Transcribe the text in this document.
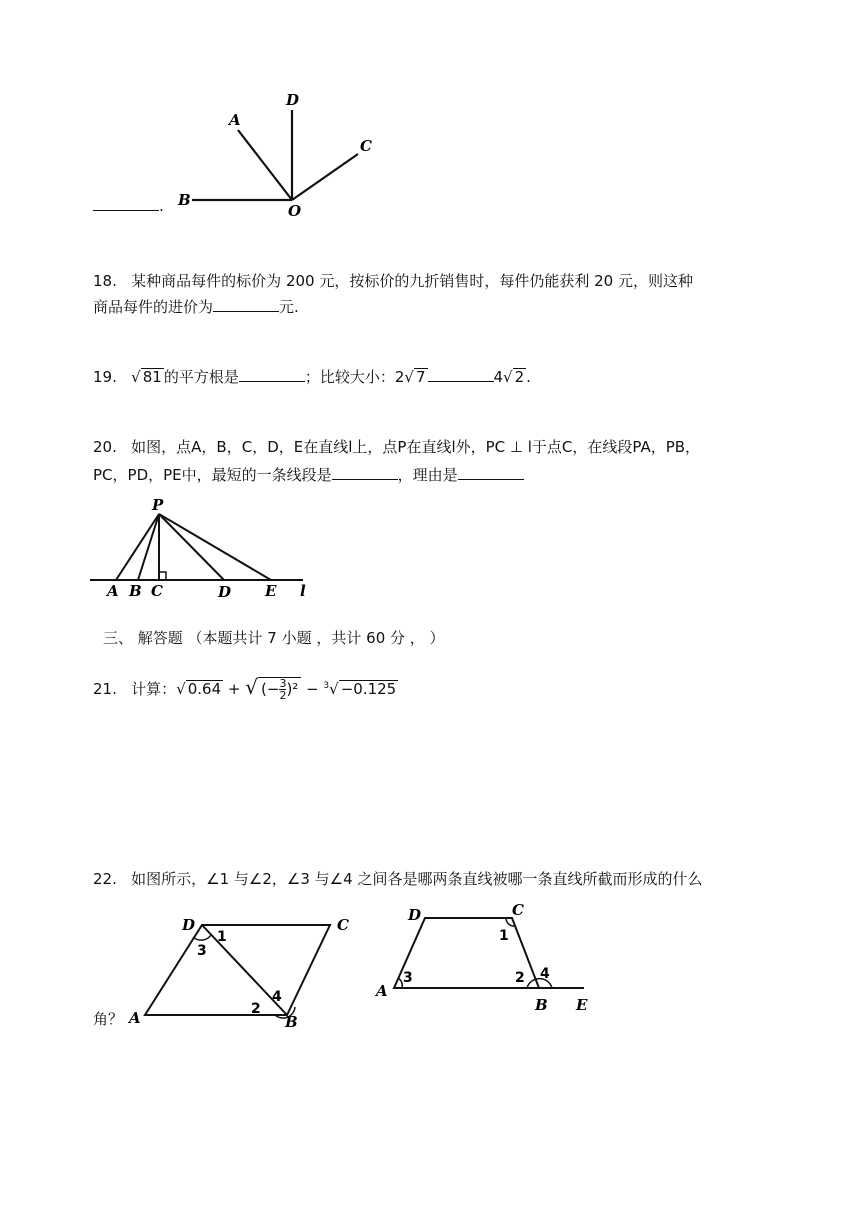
D
A
C
B
O
.
18. 某种商品每件的标价为 200 元，按标价的九折销售时，每件仍能获利 20 元，则这种
商品每件的进价为	元.
19.   √ 81 的平方根是	；比较大小：2√ 7	4√ 2 .
20. 如图，点A，B，C，D，E在直线l上，点P在直线l外，PC ⊥ l于点C，在线段PA，PB，
PC，PD，PE中，最短的一条线段是	，理由是
P
A B C	D E l
三、 解答题 （本题共计 7 小题 ，共计 60 分 ， ）
21. 计算：√ 0.64 + √ (− $\frac{3}{2} )^2 - ^3√ -0.125$
22. 如图所示，∠1 与∠2，∠3 与∠4 之间各是哪两条直线被哪一条直线所截而形成的什么
角？
D	C
A	B
1
3
2
4
D	C
A
B E
1
3	2 4
